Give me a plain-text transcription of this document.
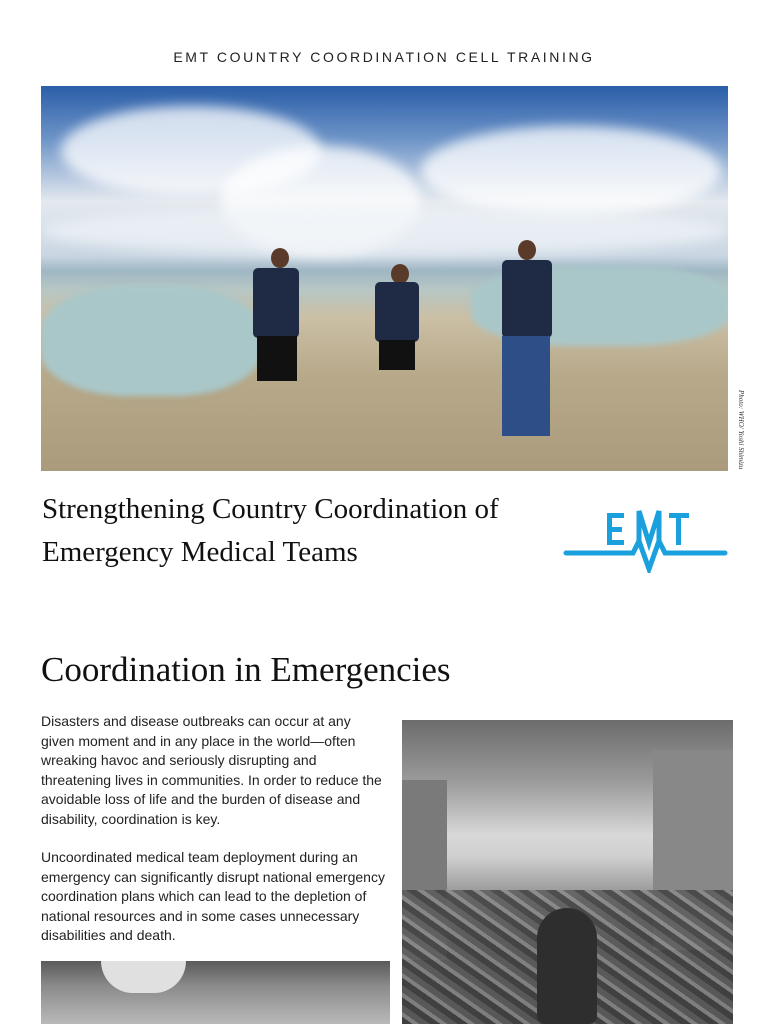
EMT COUNTRY COORDINATION CELL TRAINING
Photo: WHO/ Yoshi Shimizu
Strengthening Country Coordination of
Emergency Medical Teams
Coordination in Emergencies
Disasters and disease outbreaks can occur at any given moment and in any place in the world—often wreaking havoc and seriously disrupting and threatening lives in communities. In order to reduce the avoidable loss of life and the burden of disease and disability, coordination is key.
Uncoordinated medical team deployment during an emergency can significantly disrupt national emergency coordination plans which can lead to the depletion of national resources and in some cases unnecessary disabilities and death.
